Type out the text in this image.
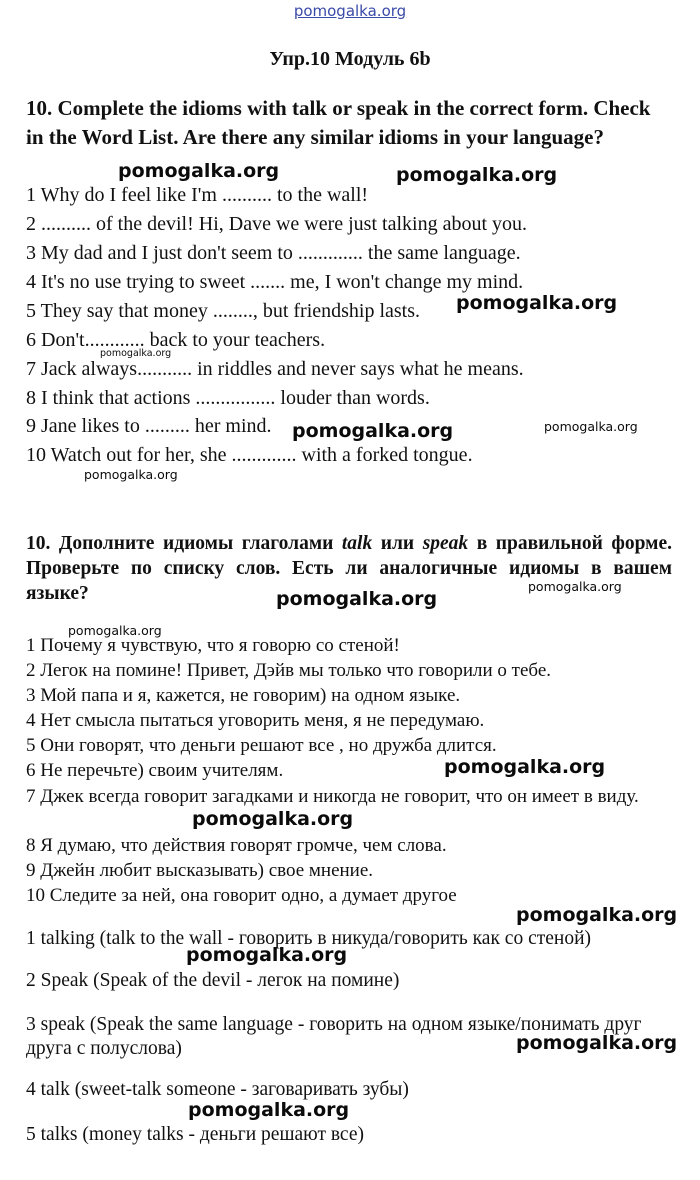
pomogalka.org
Упр.10 Модуль 6b
10. Complete the idioms with talk or speak in the correct form. Check in the Word List. Are there any similar idioms in your language?
1 Why do I feel like I'm .......... to the wall!
2 .......... of the devil! Hi, Dave we were just talking about you.
3 My dad and I just don't seem to ............. the same language.
4 It's no use trying to sweet ....... me, I won't change my mind.
5 They say that money ........, but friendship lasts.
6 Don't............ back to your teachers.
7 Jack always........... in riddles and never says what he means.
8 I think that actions ................ louder than words.
9 Jane likes to ......... her mind.
10 Watch out for her, she ............. with a forked tongue.
10. Дополните идиомы глаголами talk или speak в правильной форме. Проверьте по списку слов. Есть ли аналогичные идиомы в вашем языке?
1 Почему я чувствую, что я говорю со стеной!
2 Легок на помине! Привет, Дэйв мы только что говорили о тебе.
3 Мой папа и я, кажется, не говорим) на одном языке.
4 Нет смысла пытаться уговорить меня, я не передумаю.
5 Они говорят, что деньги решают все , но дружба длится.
6 Не перечьте) своим учителям.
7 Джек всегда говорит загадками и никогда не говорит, что он имеет в виду.
8 Я думаю, что действия говорят громче, чем слова.
9 Джейн любит высказывать) свое мнение.
10 Следите за ней, она говорит одно, а думает другое
1 talking (talk to the wall - говорить в никуда/говорить как со стеной)
2 Speak (Speak of the devil - легок на помине)
3 speak (Speak the same language - говорить на одном языке/понимать друг друга с полуслова)
4 talk (sweet-talk someone - заговаривать зубы)
5 talks (money talks - деньги решают все)
pomogalka.org	pomogalka.org
pomogalka.org
pomogalka.org
pomogalka.org	pomogalka.org
pomogalka.org
pomogalka.org
pomogalka.org
pomogalka.org
pomogalka.org
pomogalka.org
pomogalka.org
pomogalka.org
pomogalka.org
pomogalka.org
